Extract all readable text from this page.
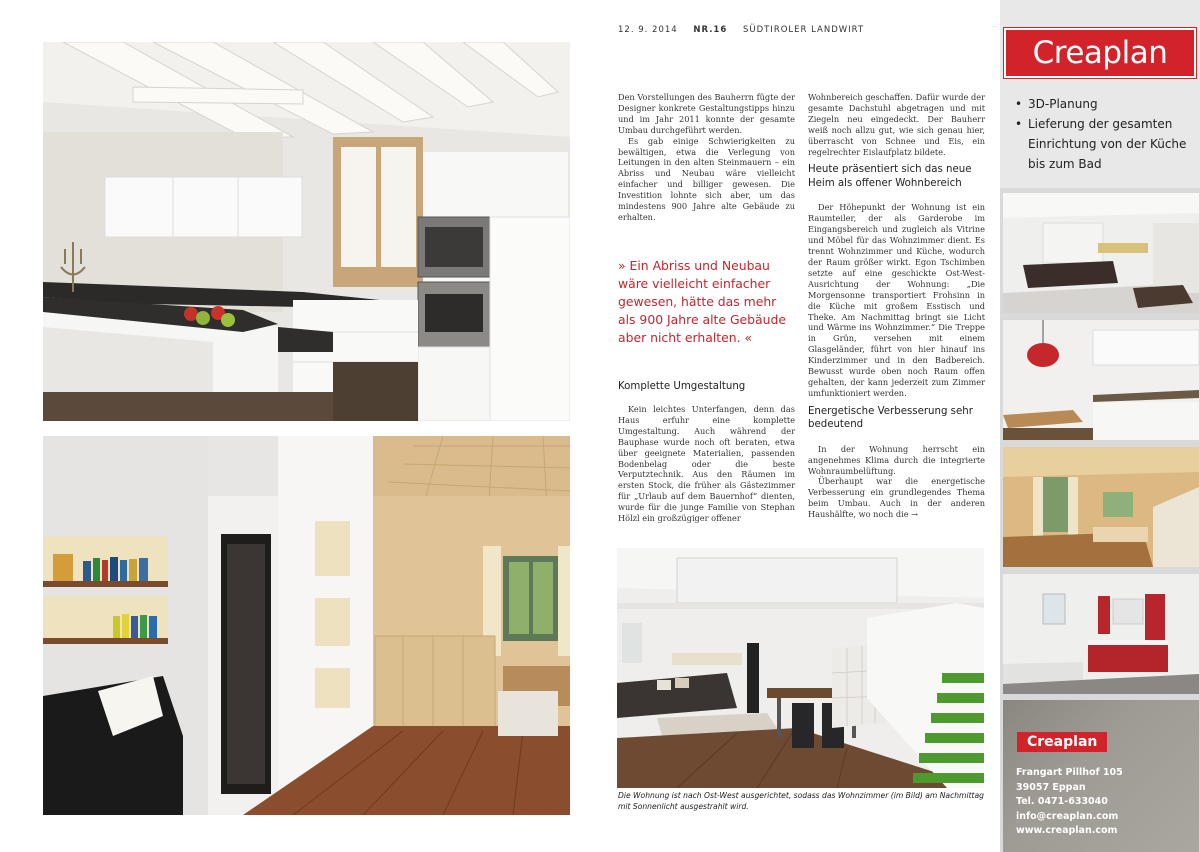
12. 9. 2014 NR.16 SÜDTIROLER LANDWIRT

Den Vorstellungen des Bauherrn fügte der Designer konkrete Gestaltungstipps hinzu und im Jahr 2011 konnte der gesamte Umbau durchgeführt werden.

Es gab einige Schwierigkeiten zu bewältigen, etwa die Verlegung von Leitungen in den alten Steinmauern – ein Abriss und Neubau wäre vielleicht einfacher und billiger gewesen. Die Investition lohnte sich aber, um das mindestens 900 Jahre alte Gebäude zu erhalten.

» Ein Abriss und Neubau wäre vielleicht einfacher gewesen, hätte das mehr als 900 Jahre alte Gebäude aber nicht erhalten. «
Komplette Umgestaltung

Kein leichtes Unterfangen, denn das Haus erfuhr eine komplette Umgestaltung. Auch während der Bauphase wurde noch oft beraten, etwa über geeignete Materialien, passenden Bodenbelag oder die beste Verputztechnik. Aus den Räumen im ersten Stock, die früher als Gästezimmer für „Urlaub auf dem Bauernhof“ dienten, wurde für die junge Familie von Stephan Hölzl ein großzügiger offener

Wohnbereich geschaffen. Dafür wurde der gesamte Dachstuhl abgetragen und mit Ziegeln neu eingedeckt. Der Bauherr weiß noch allzu gut, wie sich genau hier, überrascht von Schnee und Eis, ein regelrechter Eislaufplatz bildete.

Heute präsentiert sich das neue Heim als offener Wohnbereich

Der Höhepunkt der Wohnung ist ein Raumteiler, der als Garderobe im Eingangsbereich und zugleich als Vitrine und Möbel für das Wohnzimmer dient. Es trennt Wohnzimmer und Küche, wodurch der Raum größer wirkt. Egon Tschimben setzte auf eine geschickte Ost-West-Ausrichtung der Wohnung: „Die Morgensonne transportiert Frohsinn in die Küche mit großem Esstisch und Theke. Am Nachmittag bringt sie Licht und Wärme ins Wohnzimmer.“ Die Treppe in Grün, versehen mit einem Glasgeländer, führt von hier hinauf ins Kinderzimmer und in den Badbereich. Bewusst wurde oben noch Raum offen gehalten, der kann jederzeit zum Zimmer umfunktioniert werden.

Energetische Verbesserung sehr bedeutend

In der Wohnung herrscht ein angenehmes Klima durch die integrierte Wohnraumbelüftung.

Überhaupt war die energetische Verbesserung ein grundlegendes Thema beim Umbau. Auch in der anderen Haushälfte, wo noch die →

Die Wohnung ist nach Ost-West ausgerichtet, sodass das Wohnzimmer (im Bild) am Nachmittag mit Sonnenlicht ausgestrahlt wird.
Creaplan
• 3D-Planung
• Lieferung der gesamten Einrichtung von der Küche bis zum Bad
Creaplan
Frangart Pillhof 105
39057 Eppan
Tel. 0471-633040
info@creaplan.com
www.creaplan.com
